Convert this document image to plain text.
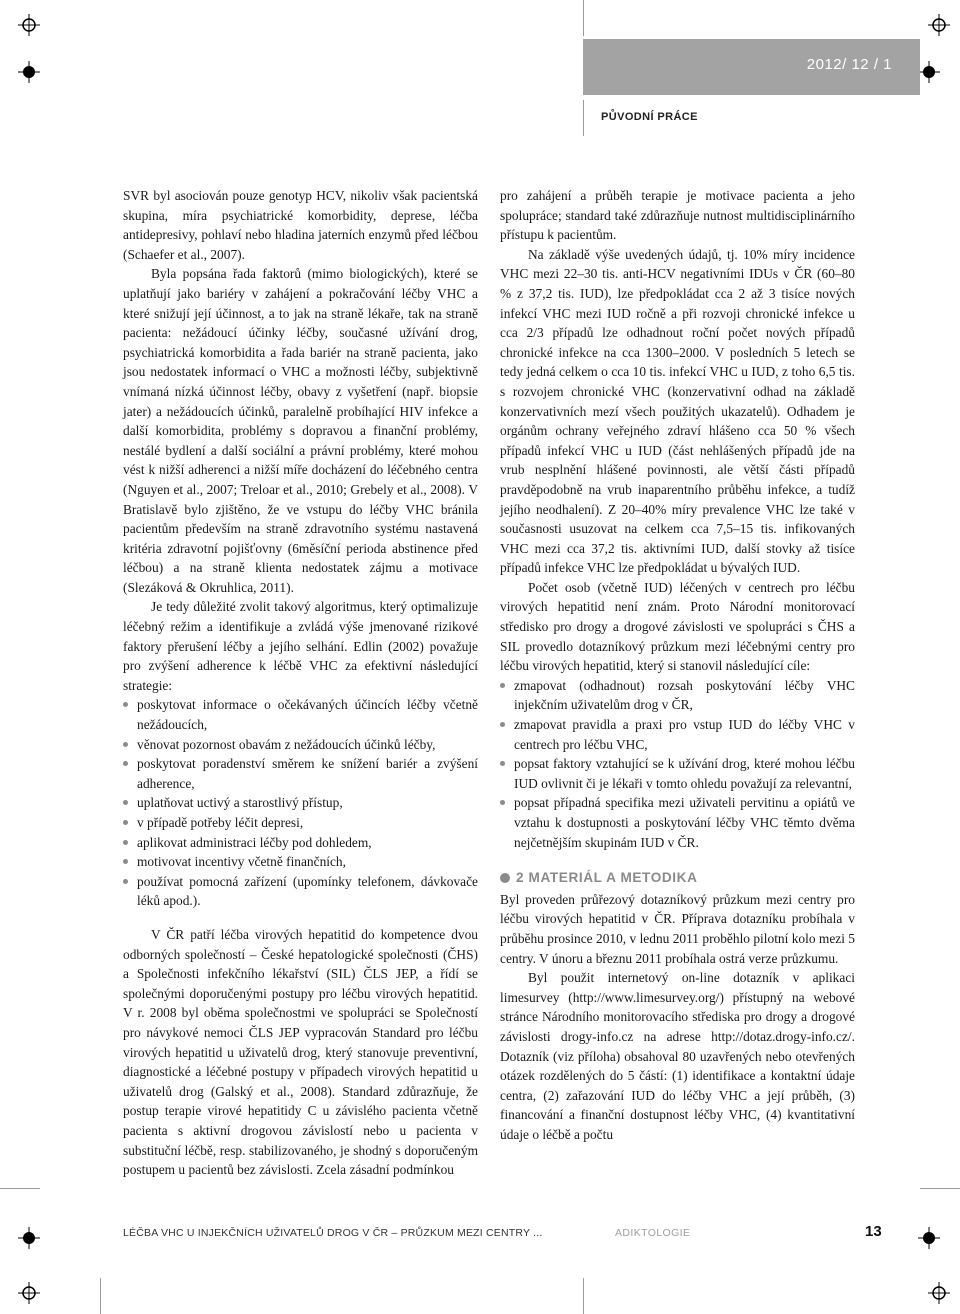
2012/ 12 / 1
PŮVODNÍ PRÁCE

SVR byl asociován pouze genotyp HCV, nikoliv však pacientská skupina, míra psychiatrické komorbidity, deprese, léčba antidepresivy, pohlaví nebo hladina jaterních enzymů před léčbou (Schaefer et al., 2007).

Byla popsána řada faktorů (mimo biologických), které se uplatňují jako bariéry v zahájení a pokračování léčby VHC a které snižují její účinnost, a to jak na straně lékaře, tak na straně pacienta: nežádoucí účinky léčby, současné užívání drog, psychiatrická komorbidita a řada bariér na straně pacienta, jako jsou nedostatek informací o VHC a možnosti léčby, subjektivně vnímaná nízká účinnost léčby, obavy z vyšetření (např. biopsie jater) a nežádoucích účinků, paralelně probíhající HIV infekce a další komorbidita, problémy s dopravou a finanční problémy, nestálé bydlení a další sociální a právní problémy, které mohou vést k nižší adherenci a nižší míře docházení do léčebného centra (Nguyen et al., 2007; Treloar et al., 2010; Grebely et al., 2008). V Bratislavě bylo zjištěno, že ve vstupu do léčby VHC bránila pacientům především na straně zdravotního systému nastavená kritéria zdravotní pojišťovny (6měsíční perioda abstinence před léčbou) a na straně klienta nedostatek zájmu a motivace (Slezáková & Okruhlica, 2011).

Je tedy důležité zvolit takový algoritmus, který optimalizuje léčebný režim a identifikuje a zvládá výše jmenované rizikové faktory přerušení léčby a jejího selhání. Edlin (2002) považuje pro zvýšení adherence k léčbě VHC za efektivní následující strategie:

poskytovat informace o očekávaných účincích léčby včetně nežádoucích,
věnovat pozornost obavám z nežádoucích účinků léčby,
poskytovat poradenství směrem ke snížení bariér a zvýšení adherence,
uplatňovat uctivý a starostlivý přístup,
v případě potřeby léčit depresi,
aplikovat administraci léčby pod dohledem,
motivovat incentivy včetně finančních,
používat pomocná zařízení (upomínky telefonem, dávkovače léků apod.).

V ČR patří léčba virových hepatitid do kompetence dvou odborných společností – České hepatologické společnosti (ČHS) a Společnosti infekčního lékařství (SIL) ČLS JEP, a řídí se společnými doporučenými postupy pro léčbu virových hepatitid. V r. 2008 byl oběma společnostmi ve spolupráci se Společností pro návykové nemoci ČLS JEP vypracován Standard pro léčbu virových hepatitid u uživatelů drog, který stanovuje preventivní, diagnostické a léčebné postupy v případech virových hepatitid u uživatelů drog (Galský et al., 2008). Standard zdůrazňuje, že postup terapie virové hepatitidy C u závislého pacienta včetně pacienta s aktivní drogovou závislostí nebo u pacienta v substituční léčbě, resp. stabilizovaného, je shodný s doporučeným postupem u pacientů bez závislosti. Zcela zásadní podmínkou

pro zahájení a průběh terapie je motivace pacienta a jeho spolupráce; standard také zdůrazňuje nutnost multidisciplinárního přístupu k pacientům.

Na základě výše uvedených údajů, tj. 10% míry incidence VHC mezi 22–30 tis. anti-HCV negativními IDUs v ČR (60–80 % z 37,2 tis. IUD), lze předpokládat cca 2 až 3 tisíce nových infekcí VHC mezi IUD ročně a při rozvoji chronické infekce u cca 2/3 případů lze odhadnout roční počet nových případů chronické infekce na cca 1300–2000. V posledních 5 letech se tedy jedná celkem o cca 10 tis. infekcí VHC u IUD, z toho 6,5 tis. s rozvojem chronické VHC (konzervativní odhad na základě konzervativních mezí všech použitých ukazatelů). Odhadem je orgánům ochrany veřejného zdraví hlášeno cca 50 % všech případů infekcí VHC u IUD (část nehlášených případů jde na vrub nesplnění hlášené povinnosti, ale větší části případů pravděpodobně na vrub inaparentního průběhu infekce, a tudíž jejího neodhalení). Z 20–40% míry prevalence VHC lze také v současnosti usuzovat na celkem cca 7,5–15 tis. infikovaných VHC mezi cca 37,2 tis. aktivními IUD, další stovky až tisíce případů infekce VHC lze předpokládat u bývalých IUD.

Počet osob (včetně IUD) léčených v centrech pro léčbu virových hepatitid není znám. Proto Národní monitorovací středisko pro drogy a drogové závislosti ve spolupráci s ČHS a SIL provedlo dotazníkový průzkum mezi léčebnými centry pro léčbu virových hepatitid, který si stanovil následující cíle:

zmapovat (odhadnout) rozsah poskytování léčby VHC injekčním uživatelům drog v ČR,
zmapovat pravidla a praxi pro vstup IUD do léčby VHC v centrech pro léčbu VHC,
popsat faktory vztahující se k užívání drog, které mohou léčbu IUD ovlivnit či je lékaři v tomto ohledu považují za relevantní,
popsat případná specifika mezi uživateli pervitinu a opiátů ve vztahu k dostupnosti a poskytování léčby VHC těmto dvěma nejčetnějším skupinám IUD v ČR.
2 MATERIÁL A METODIKA

Byl proveden průřezový dotazníkový průzkum mezi centry pro léčbu virových hepatitid v ČR. Příprava dotazníku probíhala v průběhu prosince 2010, v lednu 2011 proběhlo pilotní kolo mezi 5 centry. V únoru a březnu 2011 probíhala ostrá verze průzkumu.

Byl použit internetový on-line dotazník v aplikaci limesurvey (http://www.limesurvey.org/) přístupný na webové stránce Národního monitorovacího střediska pro drogy a drogové závislosti drogy-info.cz na adrese http://dotaz.drogy-info.cz/. Dotazník (viz příloha) obsahoval 80 uzavřených nebo otevřených otázek rozdělených do 5 částí: (1) identifikace a kontaktní údaje centra, (2) zařazování IUD do léčby VHC a její průběh, (3) financování a finanční dostupnost léčby VHC, (4) kvantitativní údaje o léčbě a počtu

LÉČBA VHC U INJEKČNÍCH UŽIVATELŮ DROG V ČR – PRŮZKUM MEZI CENTRY ...	ADIKTOLOGIE	13
